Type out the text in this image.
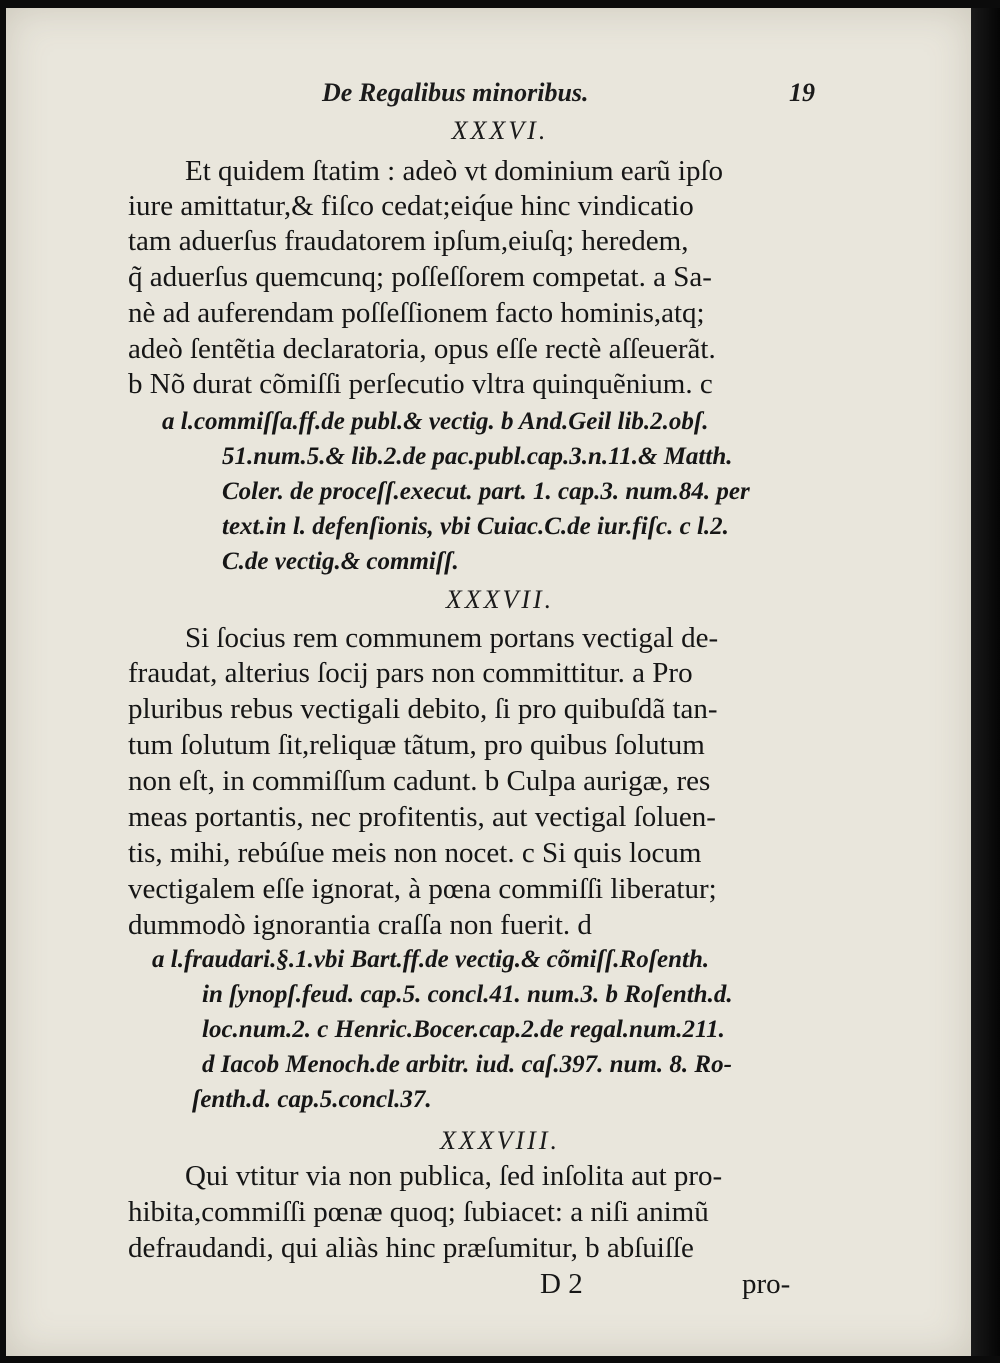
De Regalibus minoribus.	19
XXXVI.
Et quidem ſtatim : adeò vt dominium earũ ipſo
iure amittatur,& fiſco cedat;eiq́ue hinc vindicatio
tam aduerſus fraudatorem ipſum,eiuſq; heredem,
q̃ aduerſus quemcunq; poſſeſſorem competat. a Sa-
nè ad auferendam poſſeſſionem facto hominis,atq;
adeò ſentẽtia declaratoria, opus eſſe rectè aſſeuerãt.
b Nõ durat cõmiſſi perſecutio vltra quinquẽnium. c
a l.commiſſa.ff.de publ.& vectig. b And.Geil lib.2.obſ.
51.num.5.& lib.2.de pac.publ.cap.3.n.11.& Matth.
Coler. de proceſſ.execut. part. 1. cap.3. num.84. per
text.in l. defenſionis, vbi Cuiac.C.de iur.fiſc. c l.2.
C.de vectig.& commiſſ.
XXXVII.
Si ſocius rem communem portans vectigal de-
fraudat, alterius ſocij pars non committitur. a Pro
pluribus rebus vectigali debito, ſi pro quibuſdã tan-
tum ſolutum ſit,reliquæ tãtum, pro quibus ſolutum
non eſt, in commiſſum cadunt. b Culpa aurigæ, res
meas portantis, nec profitentis, aut vectigal ſoluen-
tis, mihi, rebúſue meis non nocet. c Si quis locum
vectigalem eſſe ignorat, à pœna commiſſi liberatur;
dummodò ignorantia craſſa non fuerit. d
a l.fraudari.§.1.vbi Bart.ff.de vectig.& cõmiſſ.Roſenth.
in ſynopſ.feud. cap.5. concl.41. num.3. b Roſenth.d.
loc.num.2. c Henric.Bocer.cap.2.de regal.num.211.
d Iacob Menoch.de arbitr. iud. caſ.397. num. 8. Ro-
ſenth.d. cap.5.concl.37.
XXXVIII.
Qui vtitur via non publica, ſed inſolita aut pro-
hibita,commiſſi pœnæ quoq; ſubiacet: a niſi animũ
defraudandi, qui aliàs hinc præſumitur, b abſuiſſe
D 2	pro-
